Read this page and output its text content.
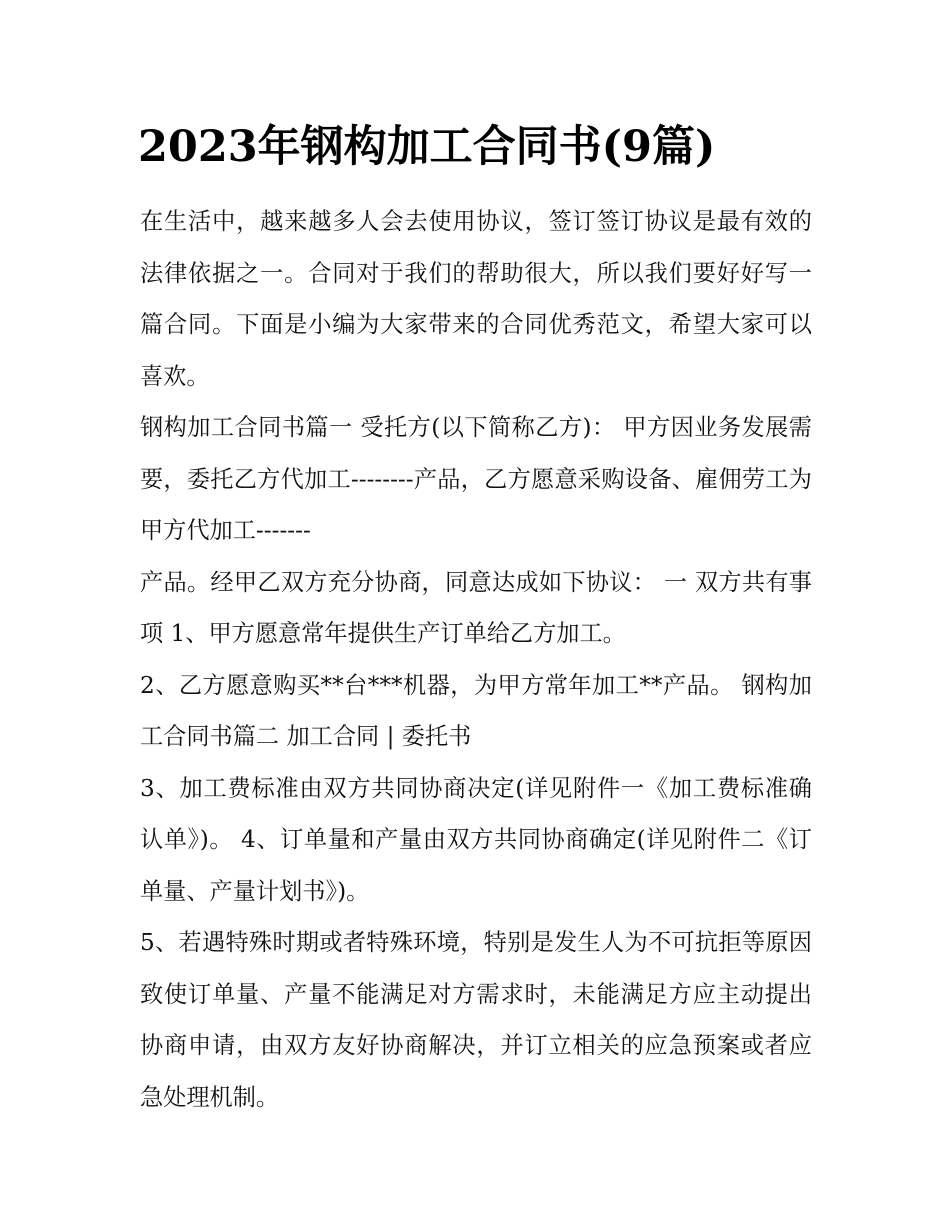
2023年钢构加工合同书(9篇)

在生活中，越来越多人会去使用协议，签订签订协议是最有效的法律依据之一。合同对于我们的帮助很大，所以我们要好好写一篇合同。下面是小编为大家带来的合同优秀范文，希望大家可以喜欢。

钢构加工合同书篇一 受托方(以下简称乙方)： 甲方因业务发展需要，委托乙方代加工--------产品，乙方愿意采购设备、雇佣劳工为甲方代加工-------

产品。经甲乙双方充分协商，同意达成如下协议： 一 双方共有事项 1、甲方愿意常年提供生产订单给乙方加工。

2、乙方愿意购买**台***机器，为甲方常年加工**产品。 钢构加工合同书篇二 加工合同 | 委托书

3、加工费标准由双方共同协商决定(详见附件一《加工费标准确认单》)。 4、订单量和产量由双方共同协商确定(详见附件二《订单量、产量计划书》)。

5、若遇特殊时期或者特殊环境，特别是发生人为不可抗拒等原因致使订单量、产量不能满足对方需求时，未能满足方应主动提出协商申请，由双方友好协商解决，并订立相关的应急预案或者应急处理机制。
